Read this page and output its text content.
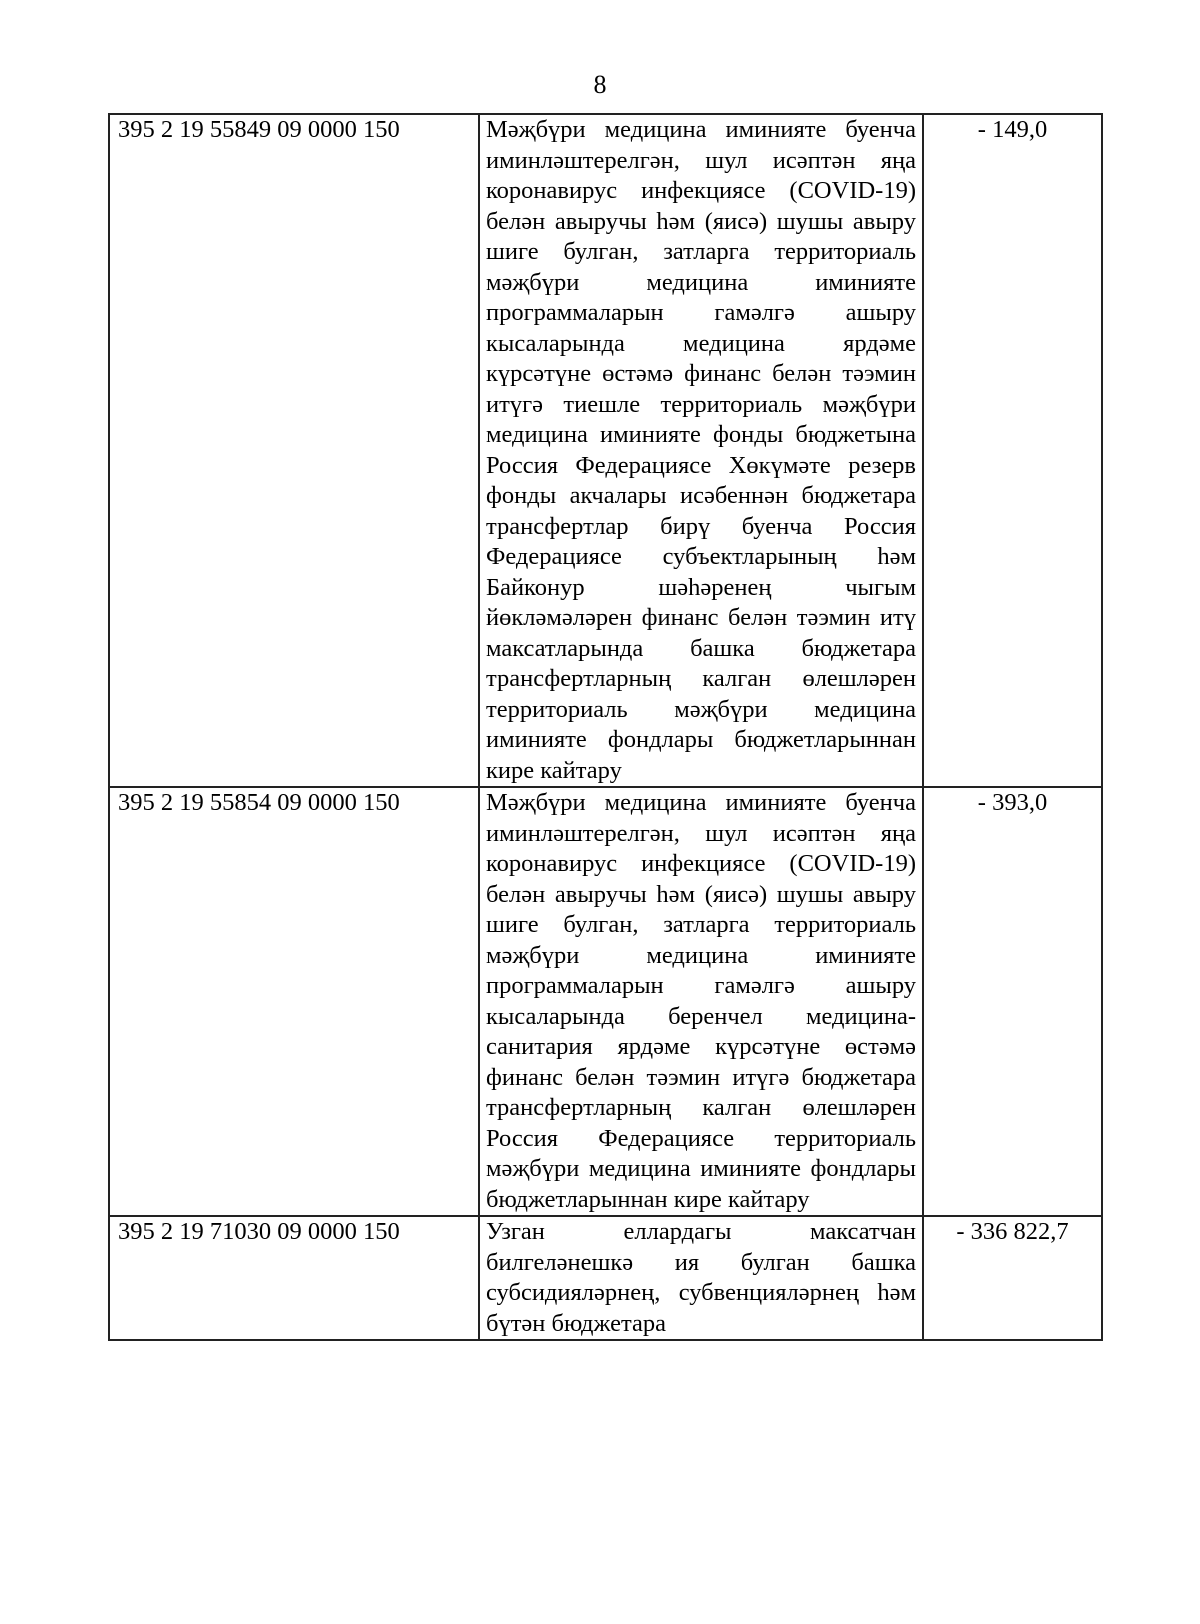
8
395 2 19 55849 09 0000 150	Мәҗбүри медицина иминияте буенча иминләштерелгән, шул исәптән яңа коронавирус инфекциясе (COVID-19) белән авыручы һәм (яисә) шушы авыру шиге булган, затларга территориаль мәҗбүри медицина иминияте программаларын гамәлгә ашыру кысаларында медицина ярдәме күрсәтүне өстәмә финанс белән тәэмин итүгә тиешле территориаль мәҗбүри медицина иминияте фонды бюджетына Россия Федерациясе Хөкүмәте резерв фонды акчалары исәбеннән бюджетара трансфертлар бирү буенча Россия Федерациясе субъектларының һәм Байконур шәһәренең чыгым йөкләмәләрен финанс белән тәэмин итү максатларында башка бюджетара трансфертларның калган өлешләрен территориаль мәҗбүри медицина иминияте фондлары бюджетларыннан кире кайтару	- 149,0
395 2 19 55854 09 0000 150	Мәҗбүри медицина иминияте буенча иминләштерелгән, шул исәптән яңа коронавирус инфекциясе (COVID-19) белән авыручы һәм (яисә) шушы авыру шиге булган, затларга территориаль мәҗбүри медицина иминияте программаларын гамәлгә ашыру кысаларында беренчел медицина-санитария ярдәме күрсәтүне өстәмә финанс белән тәэмин итүгә бюджетара трансфертларның калган өлешләрен Россия Федерациясе территориаль мәҗбүри медицина иминияте фондлары бюджетларыннан кире кайтару	- 393,0
395 2 19 71030 09 0000 150	Узган еллардагы максатчан билгеләнешкә ия булган башка субсидияләрнең, субвенцияләрнең һәм бүтән бюджетара	- 336 822,7
